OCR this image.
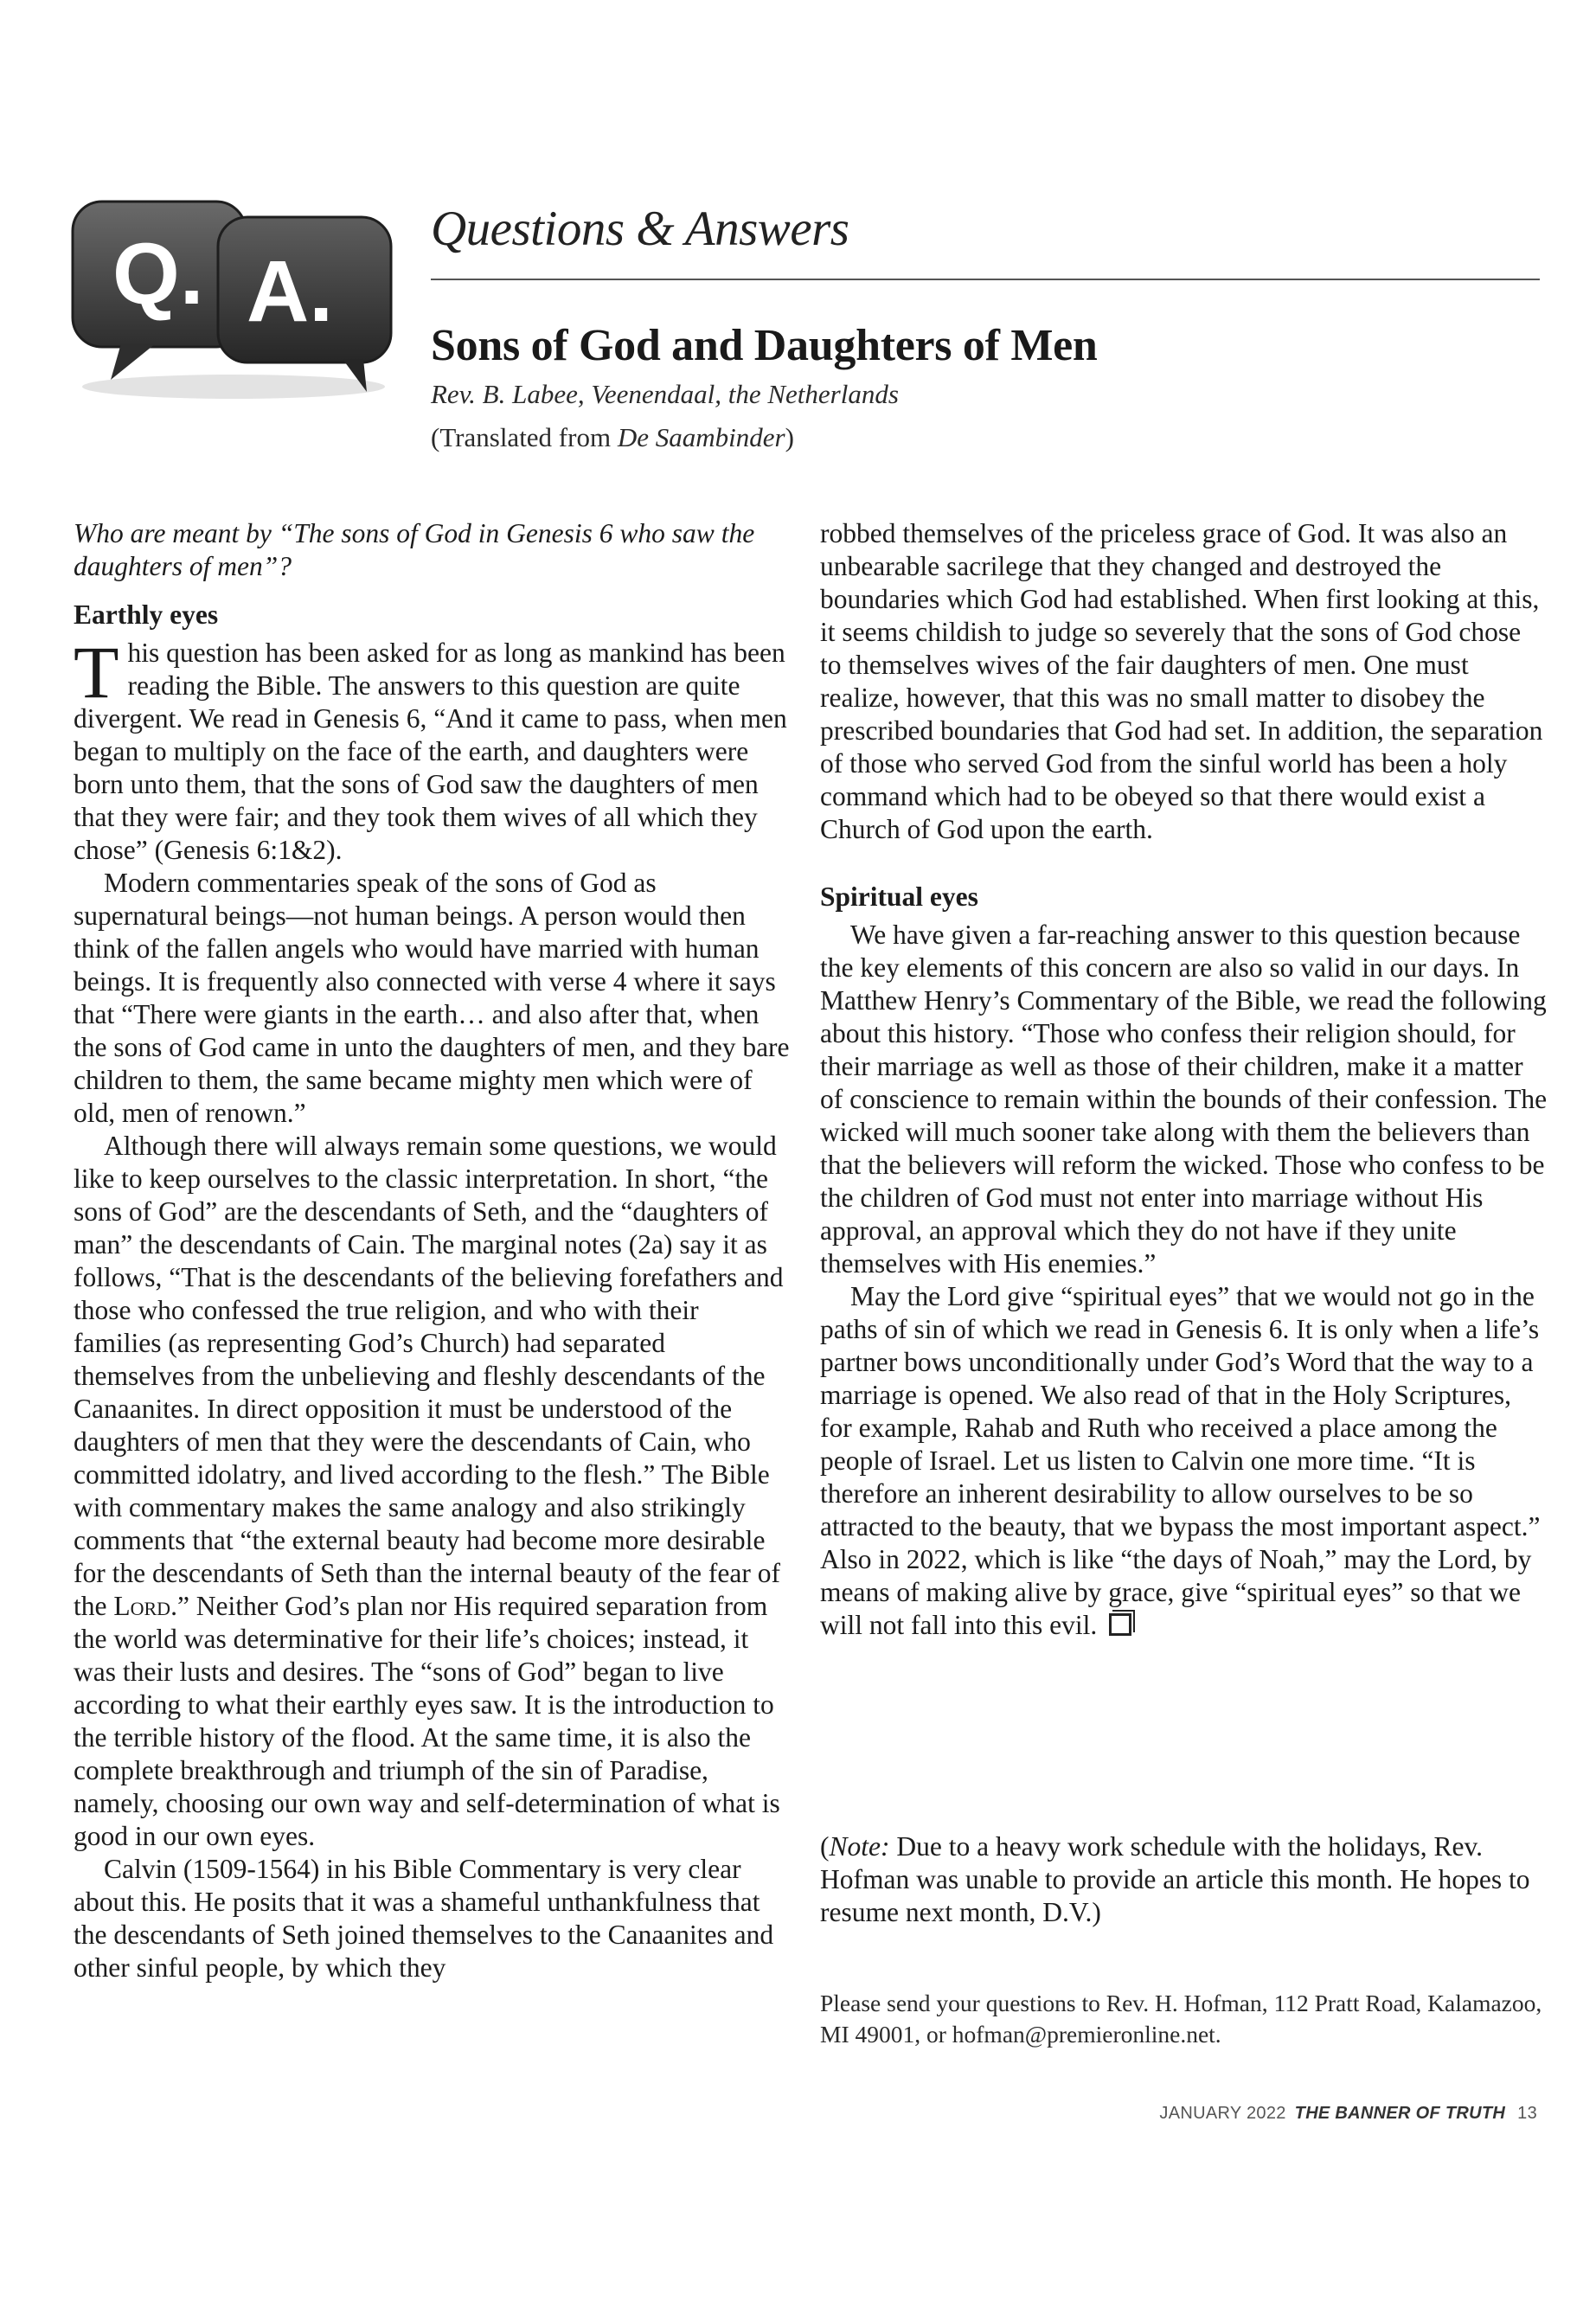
Q. A.
Questions & Answers
Sons of God and Daughters of Men
Rev. B. Labee, Veenendaal, the Netherlands
(Translated from De Saambinder)

Who are meant by “The sons of God in Genesis 6 who saw the daughters of men”?

Earthly eyes

This question has been asked for as long as mankind has been reading the Bible. The answers to this question are quite divergent. We read in Genesis 6, “And it came to pass, when men began to multiply on the face of the earth, and daughters were born unto them, that the sons of God saw the daughters of men that they were fair; and they took them wives of all which they chose” (Genesis 6:1&2).

Modern commentaries speak of the sons of God as supernatural beings—not human beings. A person would then think of the fallen angels who would have married with human beings. It is frequently also connected with verse 4 where it says that “There were giants in the earth… and also after that, when the sons of God came in unto the daughters of men, and they bare children to them, the same became mighty men which were of old, men of renown.”

Although there will always remain some questions, we would like to keep ourselves to the classic interpretation. In short, “the sons of God” are the descendants of Seth, and the “daughters of man” the descendants of Cain. The marginal notes (2a) say it as follows, “That is the descendants of the believing forefathers and those who confessed the true religion, and who with their families (as representing God’s Church) had separated themselves from the unbelieving and fleshly descendants of the Canaanites. In direct opposition it must be understood of the daughters of men that they were the descendants of Cain, who committed idolatry, and lived according to the flesh.” The Bible with commentary makes the same analogy and also strikingly comments that “the external beauty had become more desirable for the descendants of Seth than the internal beauty of the fear of the Lord.” Neither God’s plan nor His required separation from the world was determinative for their life’s choices; instead, it was their lusts and desires. The “sons of God” began to live according to what their earthly eyes saw. It is the introduction to the terrible history of the flood. At the same time, it is also the complete breakthrough and triumph of the sin of Paradise, namely, choosing our own way and self-determination of what is good in our own eyes.

Calvin (1509-1564) in his Bible Commentary is very clear about this. He posits that it was a shameful unthankfulness that the descendants of Seth joined themselves to the Canaanites and other sinful people, by which they

robbed themselves of the priceless grace of God. It was also an unbearable sacrilege that they changed and destroyed the boundaries which God had established. When first looking at this, it seems childish to judge so severely that the sons of God chose to themselves wives of the fair daughters of men. One must realize, however, that this was no small matter to disobey the prescribed boundaries that God had set. In addition, the separation of those who served God from the sinful world has been a holy command which had to be obeyed so that there would exist a Church of God upon the earth.

Spiritual eyes

We have given a far-reaching answer to this question because the key elements of this concern are also so valid in our days. In Matthew Henry’s Commentary of the Bible, we read the following about this history. “Those who confess their religion should, for their marriage as well as those of their children, make it a matter of conscience to remain within the bounds of their confession. The wicked will much sooner take along with them the believers than that the believers will reform the wicked. Those who confess to be the children of God must not enter into marriage without His approval, an approval which they do not have if they unite themselves with His enemies.”

May the Lord give “spiritual eyes” that we would not go in the paths of sin of which we read in Genesis 6. It is only when a life’s partner bows unconditionally under God’s Word that the way to a marriage is opened. We also read of that in the Holy Scriptures, for example, Rahab and Ruth who received a place among the people of Israel. Let us listen to Calvin one more time. “It is therefore an inherent desirability to allow ourselves to be so attracted to the beauty, that we bypass the most important aspect.” Also in 2022, which is like “the days of Noah,” may the Lord, by means of making alive by grace, give “spiritual eyes” so that we will not fall into this evil.

(Note: Due to a heavy work schedule with the holidays, Rev. Hofman was unable to provide an article this month. He hopes to resume next month, D.V.)
Please send your questions to Rev. H. Hofman, 112 Pratt Road, Kalamazoo, MI 49001, or hofman@premieronline.net.
JANUARY 2022 THE BANNER OF TRUTH 13
